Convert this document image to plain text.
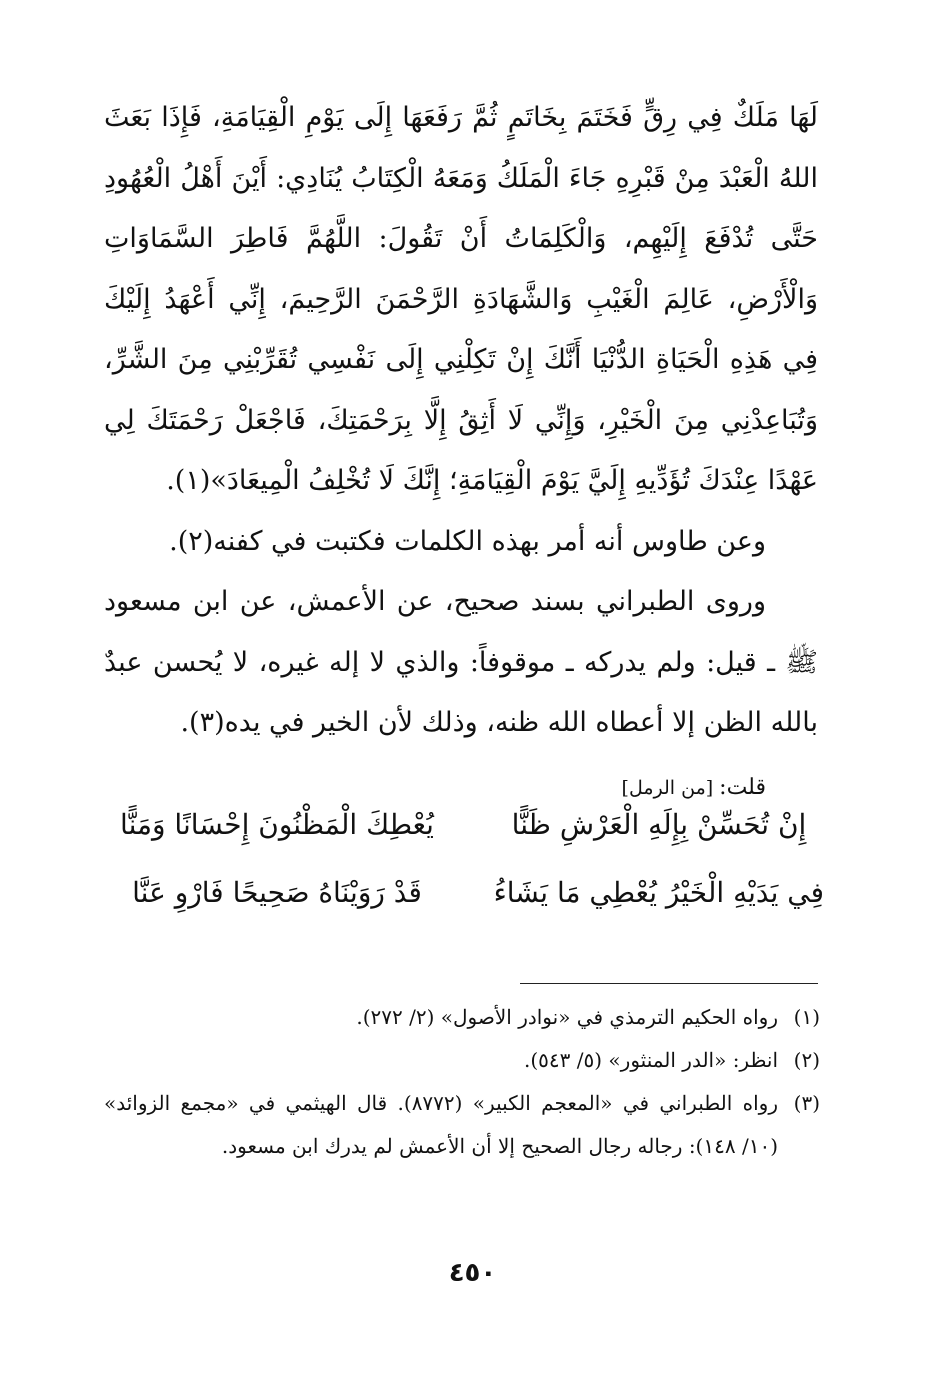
لَهَا مَلَكٌ فِي رِقٍّ فَخَتَمَ بِخَاتَمٍ ثُمَّ رَفَعَهَا إِلَى يَوْمِ الْقِيَامَةِ، فَإِذَا بَعَثَ اللهُ الْعَبْدَ مِنْ قَبْرِهِ جَاءَ الْمَلَكُ وَمَعَهُ الْكِتَابُ يُنَادِي: أَيْنَ أَهْلُ الْعُهُودِ حَتَّى تُدْفَعَ إِلَيْهِم، وَالْكَلِمَاتُ أَنْ تَقُولَ: اللَّهُمَّ فَاطِرَ السَّمَاوَاتِ وَالْأَرْضِ، عَالِمَ الْغَيْبِ وَالشَّهَادَةِ الرَّحْمَنَ الرَّحِيمَ، إِنِّي أَعْهَدُ إِلَيْكَ فِي هَذِهِ الْحَيَاةِ الدُّنْيَا أَنَّكَ إِنْ تَكِلْنِي إِلَى نَفْسِي تُقَرِّبْنِي مِنَ الشَّرِّ، وَتُبَاعِدْنِي مِنَ الْخَيْرِ، وَإِنِّي لَا أَثِقُ إِلَّا بِرَحْمَتِكَ، فَاجْعَلْ رَحْمَتَكَ لِي عَهْدًا عِنْدَكَ تُؤَدِّيهِ إِلَيَّ يَوْمَ الْقِيَامَةِ؛ إِنَّكَ لَا تُخْلِفُ الْمِيعَادَ»(١).

وعن طاوس أنه أمر بهذه الكلمات فكتبت في كفنه(٢).

وروى الطبراني بسند صحيح، عن الأعمش، عن ابن مسعود ﷺ ـ قيل: ولم يدركه ـ موقوفاً: والذي لا إله غيره، لا يُحسن عبدٌ بالله الظن إلا أعطاه الله ظنه، وذلك لأن الخير في يده(٣).

قلت:[من الرمل]

إِنْ تُحَسِّنْ بِإِلَهِ الْعَرْشِ ظَنًّا
يُعْطِكَ الْمَظْنُونَ إِحْسَانًا وَمَنًّا
فِي يَدَيْهِ الْخَيْرُ يُعْطِي مَا يَشَاءُ
قَدْ رَوَيْنَاهُ صَحِيحًا فَارْوِ عَنَّا
(١)
رواه الحكيم الترمذي في «نوادر الأصول» (٢/ ٢٧٢).
(٢)
انظر: «الدر المنثور» (٥/ ٥٤٣).
(٣)
رواه الطبراني في «المعجم الكبير» (٨٧٧٢). قال الهيثمي في «مجمع الزوائد» (١٠/ ١٤٨): رجاله رجال الصحيح إلا أن الأعمش لم يدرك ابن مسعود.
٤٥٠
